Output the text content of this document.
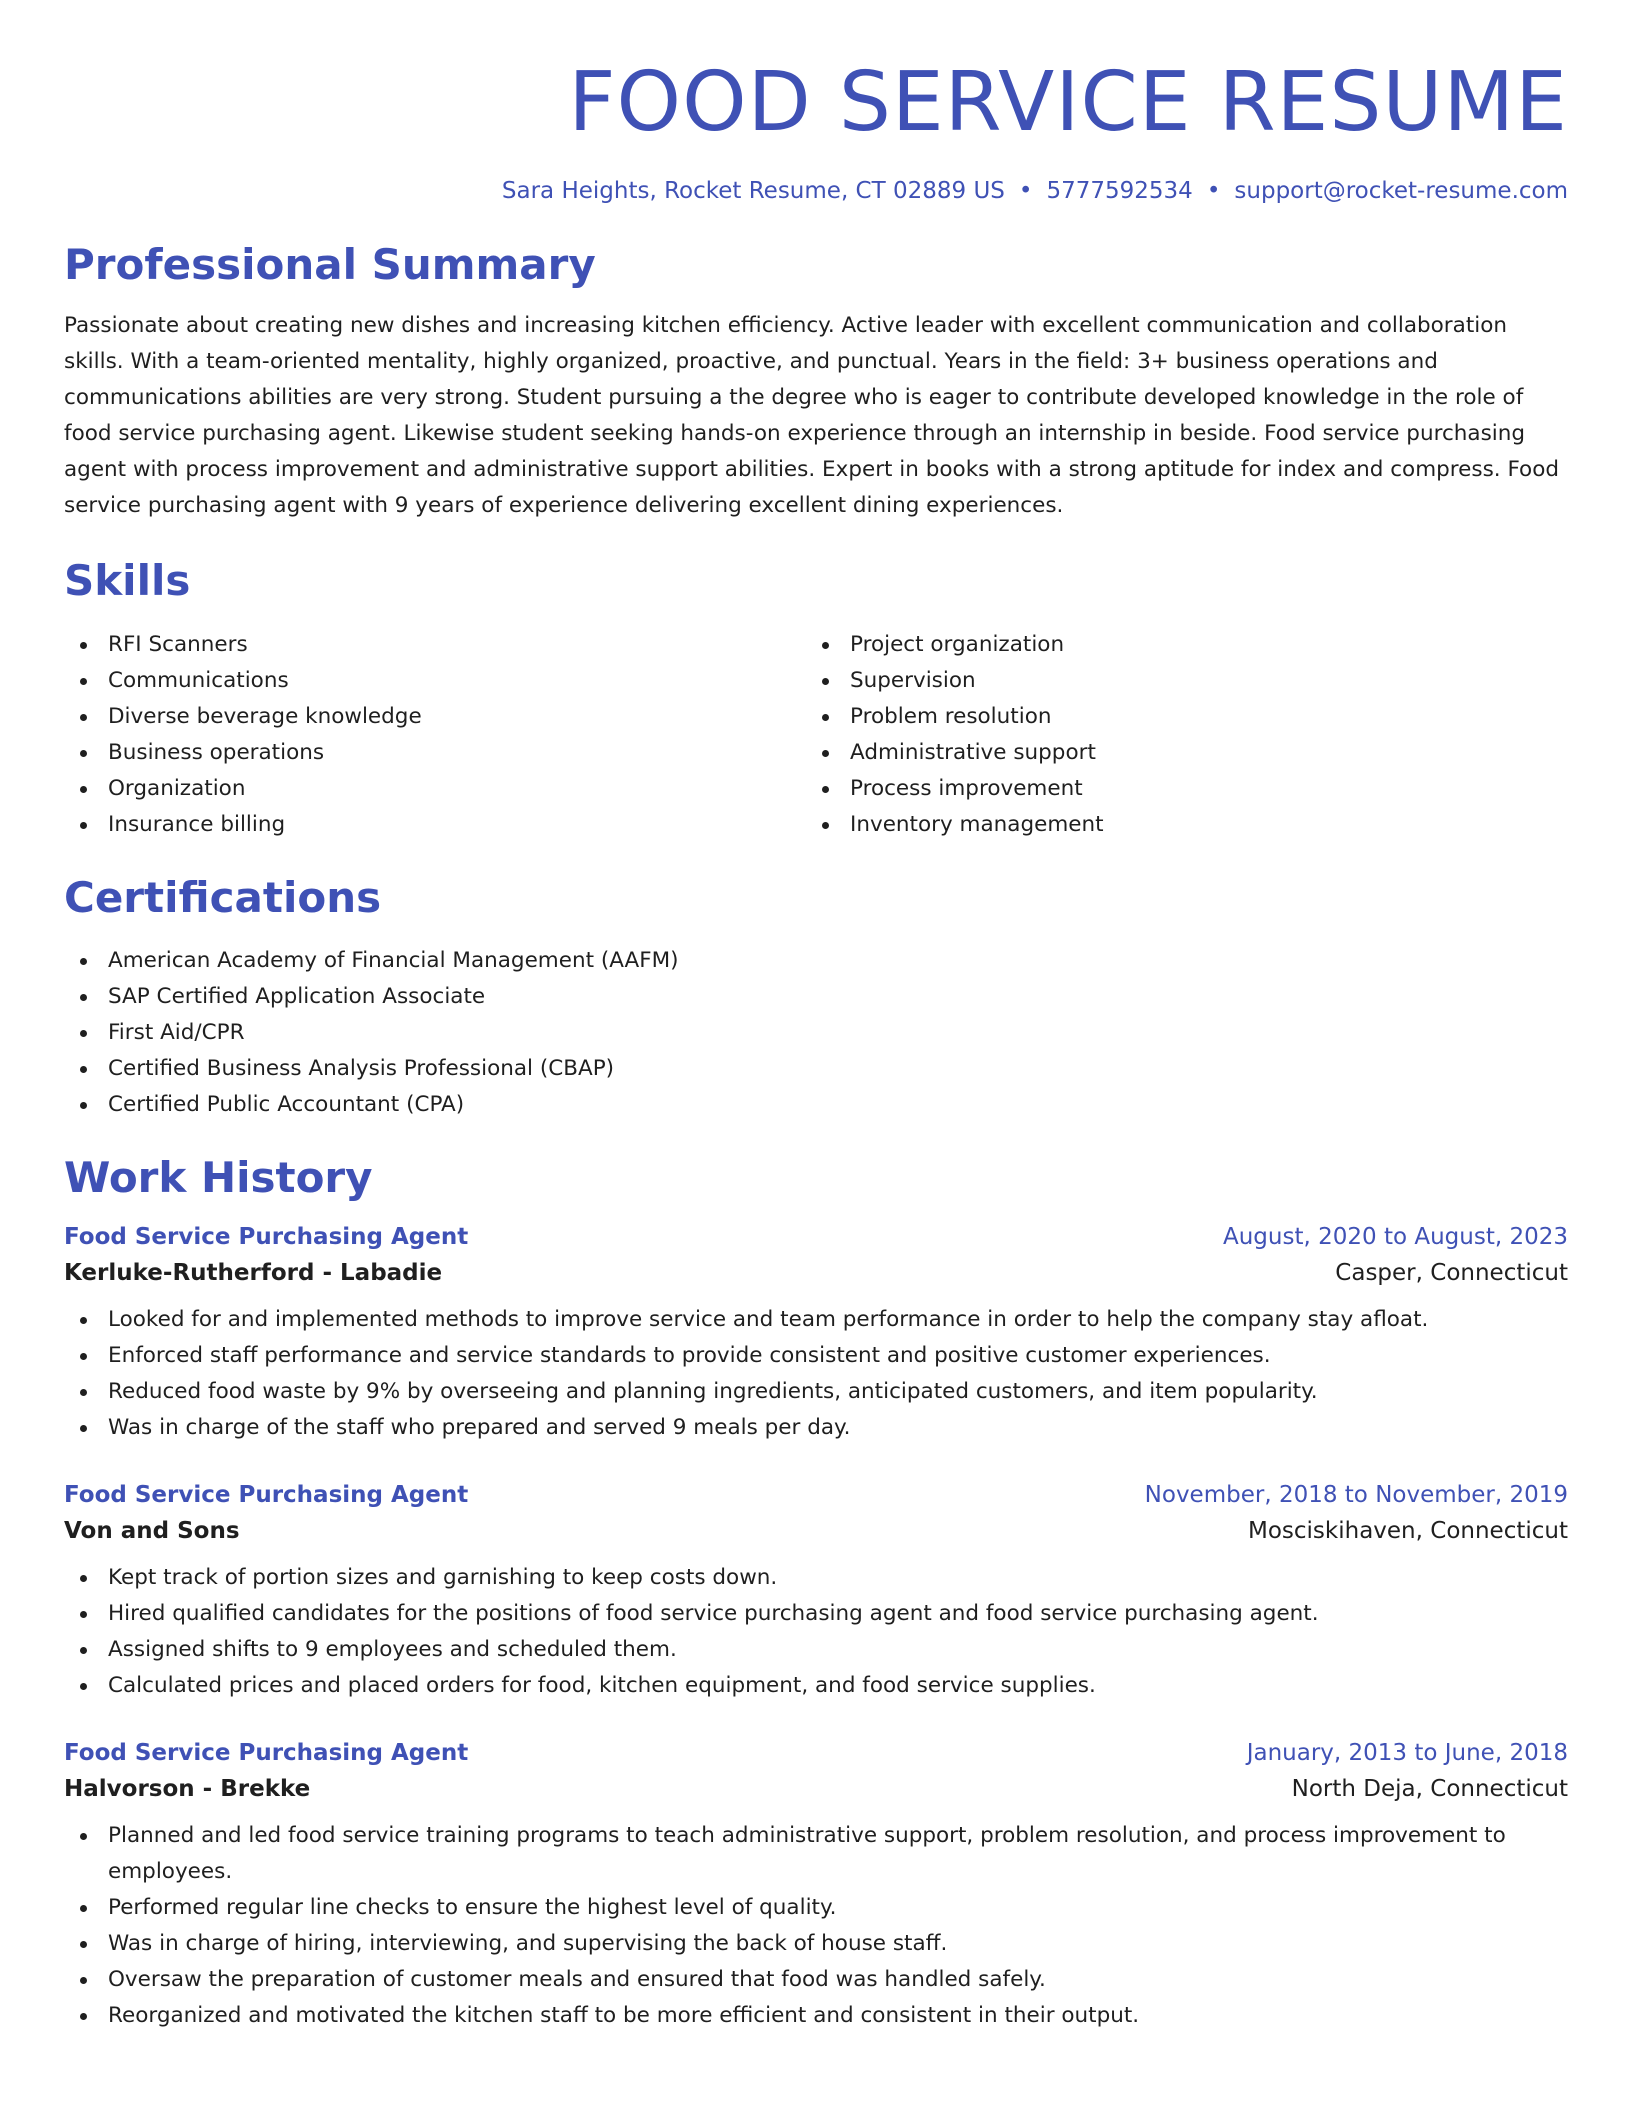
FOOD SERVICE RESUME
Sara Heights, Rocket Resume, CT 02889 US • 5777592534 • support@rocket-resume.com
Professional Summary
Passionate about creating new dishes and increasing kitchen efficiency. Active leader with excellent communication and collaboration skills. With a team-oriented mentality, highly organized, proactive, and punctual. Years in the field: 3+ business operations and communications abilities are very strong. Student pursuing a the degree who is eager to contribute developed knowledge in the role of food service purchasing agent. Likewise student seeking hands-on experience through an internship in beside. Food service purchasing agent with process improvement and administrative support abilities. Expert in books with a strong aptitude for index and compress. Food service purchasing agent with 9 years of experience delivering excellent dining experiences.
Skills
RFI Scanners
Communications
Diverse beverage knowledge
Business operations
Organization
Insurance billing
Project organization
Supervision
Problem resolution
Administrative support
Process improvement
Inventory management
Certifications
American Academy of Financial Management (AAFM)
SAP Certified Application Associate
First Aid/CPR
Certified Business Analysis Professional (CBAP)
Certified Public Accountant (CPA)
Work History
Food Service Purchasing Agent	August, 2020 to August, 2023
Kerluke-Rutherford - Labadie	Casper, Connecticut
Looked for and implemented methods to improve service and team performance in order to help the company stay afloat.
Enforced staff performance and service standards to provide consistent and positive customer experiences.
Reduced food waste by 9% by overseeing and planning ingredients, anticipated customers, and item popularity.
Was in charge of the staff who prepared and served 9 meals per day.
Food Service Purchasing Agent	November, 2018 to November, 2019
Von and Sons	Mosciskihaven, Connecticut
Kept track of portion sizes and garnishing to keep costs down.
Hired qualified candidates for the positions of food service purchasing agent and food service purchasing agent.
Assigned shifts to 9 employees and scheduled them.
Calculated prices and placed orders for food, kitchen equipment, and food service supplies.
Food Service Purchasing Agent	January, 2013 to June, 2018
Halvorson - Brekke	North Deja, Connecticut
Planned and led food service training programs to teach administrative support, problem resolution, and process improvement to employees.
Performed regular line checks to ensure the highest level of quality.
Was in charge of hiring, interviewing, and supervising the back of house staff.
Oversaw the preparation of customer meals and ensured that food was handled safely.
Reorganized and motivated the kitchen staff to be more efficient and consistent in their output.
